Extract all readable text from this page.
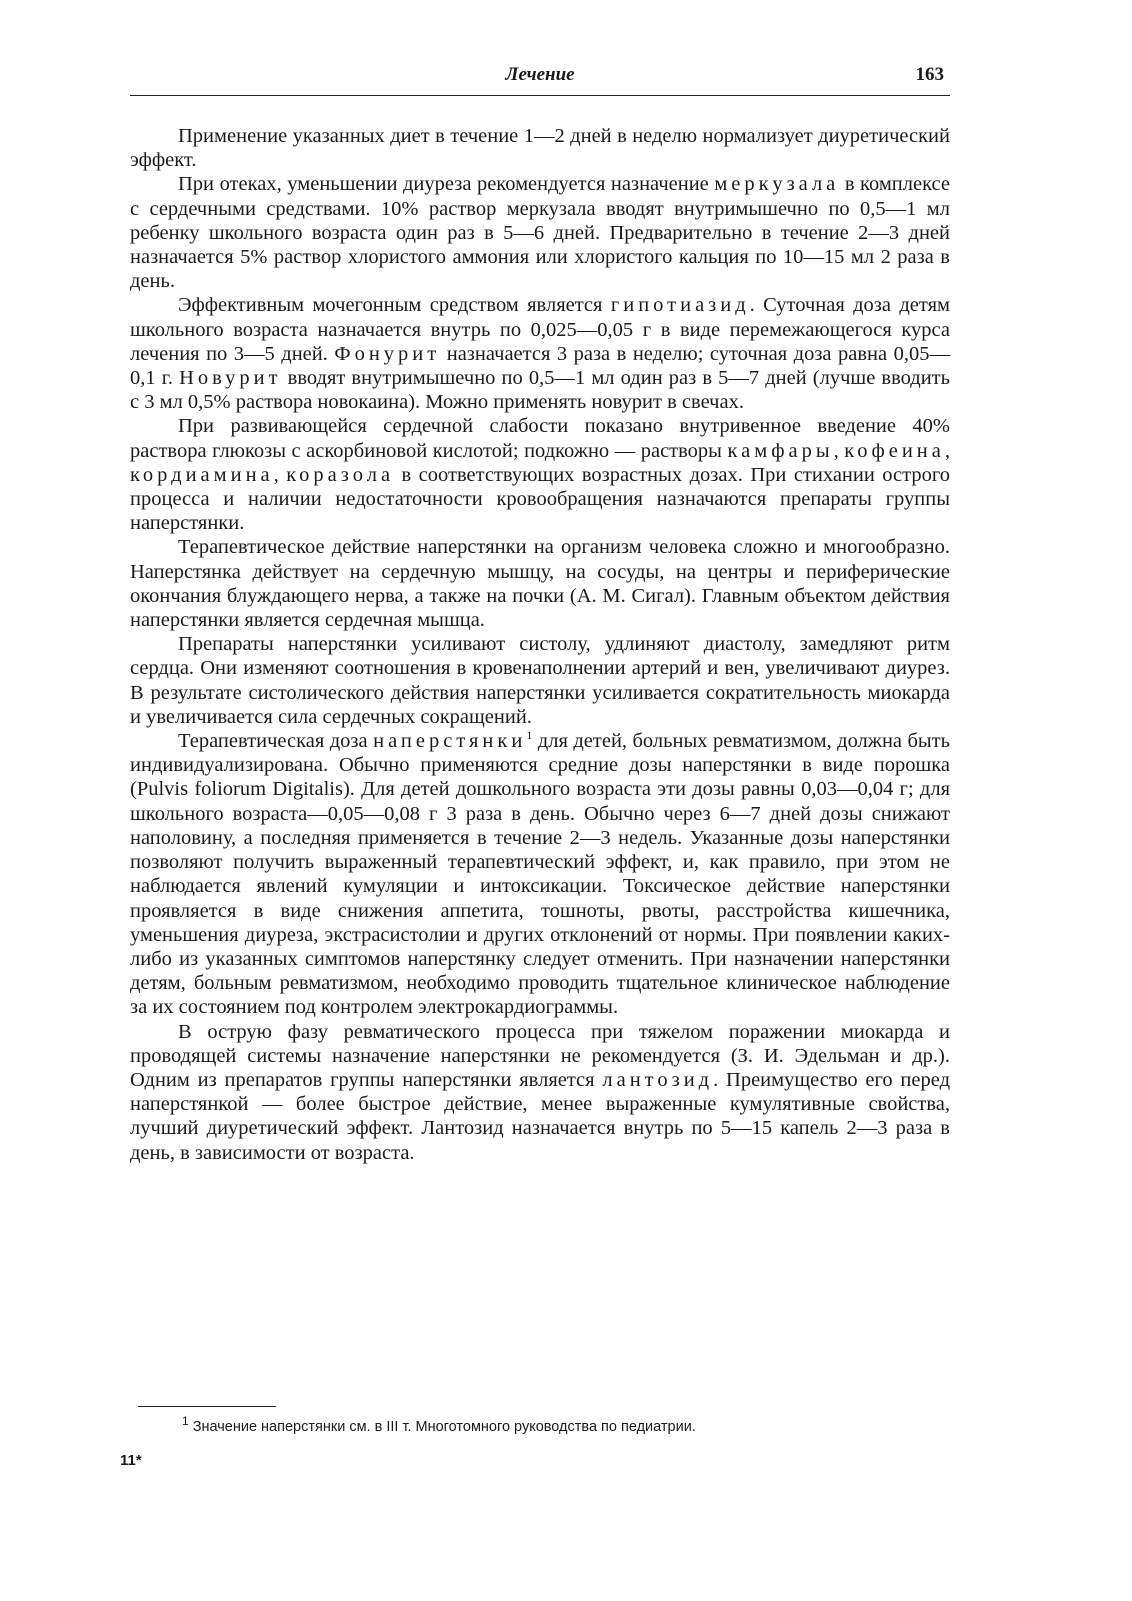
Лечение	163

Применение указанных диет в течение 1—2 дней в неделю нормализует диуретический эффект.

При отеках, уменьшении диуреза рекомендуется назначение меркузала в комплексе с сердечными средствами. 10% раствор меркузала вводят внутримышечно по 0,5—1 мл ребенку школьного возраста один раз в 5—6 дней. Предварительно в течение 2—3 дней назначается 5% раствор хлористого аммония или хлористого кальция по 10—15 мл 2 раза в день.

Эффективным мочегонным средством является гипотиазид. Суточная доза детям школьного возраста назначается внутрь по 0,025—0,05 г в виде перемежающегося курса лечения по 3—5 дней. Фонурит назначается 3 раза в неделю; суточная доза равна 0,05—0,1 г. Новурит вводят внутримышечно по 0,5—1 мл один раз в 5—7 дней (лучше вводить с 3 мл 0,5% раствора новокаина). Можно применять новурит в свечах.

При развивающейся сердечной слабости показано внутривенное введение 40% раствора глюкозы с аскорбиновой кислотой; подкожно — растворы камфары, кофеина, кордиамина, коразола в соответствующих возрастных дозах. При стихании острого процесса и наличии недостаточности кровообращения назначаются препараты группы наперстянки.

Терапевтическое действие наперстянки на организм человека сложно и многообразно. Наперстянка действует на сердечную мышцу, на сосуды, на центры и периферические окончания блуждающего нерва, а также на почки (А. М. Сигал). Главным объектом действия наперстянки является сердечная мышца.

Препараты наперстянки усиливают систолу, удлиняют диастолу, замедляют ритм сердца. Они изменяют соотношения в кровенаполнении артерий и вен, увеличивают диурез. В результате систолического действия наперстянки усиливается сократительность миокарда и увеличивается сила сердечных сокращений.

Терапевтическая доза наперстянки$^1$ для детей, больных ревматизмом, должна быть индивидуализирована. Обычно применяются средние дозы наперстянки в виде порошка (Pulvis foliorum Digitalis). Для детей дошкольного возраста эти дозы равны 0,03—0,04 г; для школьного возраста—0,05—0,08 г 3 раза в день. Обычно через 6—7 дней дозы снижают наполовину, а последняя применяется в течение 2—3 недель. Указанные дозы наперстянки позволяют получить выраженный терапевтический эффект, и, как правило, при этом не наблюдается явлений кумуляции и интоксикации. Токсическое действие наперстянки проявляется в виде снижения аппетита, тошноты, рвоты, расстройства кишечника, уменьшения диуреза, экстрасистолии и других отклонений от нормы. При появлении каких-либо из указанных симптомов наперстянку следует отменить. При назначении наперстянки детям, больным ревматизмом, необходимо проводить тщательное клиническое наблюдение за их состоянием под контролем электрокардиограммы.

В острую фазу ревматического процесса при тяжелом поражении миокарда и проводящей системы назначение наперстянки не рекомендуется (З. И. Эдельман и др.). Одним из препаратов группы наперстянки является лантозид. Преимущество его перед наперстянкой — более быстрое действие, менее выраженные кумулятивные свойства, лучший диуретический эффект. Лантозид назначается внутрь по 5—15 капель 2—3 раза в день, в зависимости от возраста.

$^1$ Значение наперстянки см. в III т. Многотомного руководства по педиатрии.
11*
